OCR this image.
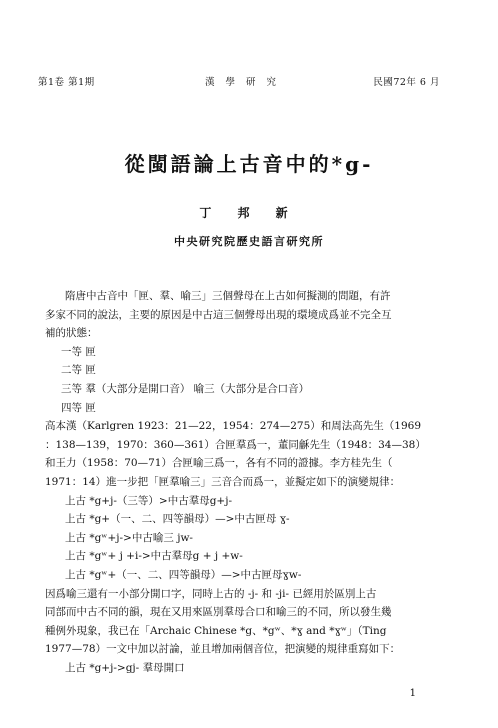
第1卷 第1期	漢 學 研 究	民國72年 6 月
從閩語論上古音中的*g-
丁 邦 新
中央研究院歷史語言研究所
隋唐中古音中「匣、羣、喻三」三個聲母在上古如何擬測的問題，有許
多家不同的說法，主要的原因是中古這三個聲母出現的環境成爲並不完全互
補的狀態：
一等 匣
二等 匣
三等 羣（大部分是開口音） 喻三（大部分是合口音）
四等 匣
高本漢（Karlgren 1923：21—22，1954：274—275）和周法高先生（1969
：138—139，1970：360—361）合匣羣爲一，董同龢先生（1948：34—38）
和王力（1958：70—71）合匣喻三爲一，各有不同的證據。李方桂先生（
1971：14）進一步把「匣羣喻三」三音合而爲一，並擬定如下的演變規律：
上古 *g+j-（三等）>中古羣母g+j-
上古 *g+（一、二、四等韻母）—>中古匣母 ɣ-
上古 *gʷ+j->中古喻三 jw-
上古 *gʷ+ j +i->中古羣母g + j +w-
上古 *gʷ+（一、二、四等韻母）—>中古匣母ɣw-
因爲喻三還有一小部分開口字，同時上古的 -j- 和 -ji- 已經用於區別上古
同部而中古不同的韻，現在又用來區別羣母合口和喻三的不同，所以發生幾
種例外現象，我已在「Archaic Chinese *g、*gʷ、*ɣ and *ɣʷ」（Ting
1977—78）一文中加以討論，並且增加兩個音位，把演變的規律重寫如下：
上古 *g+j->gj- 羣母開口
1
